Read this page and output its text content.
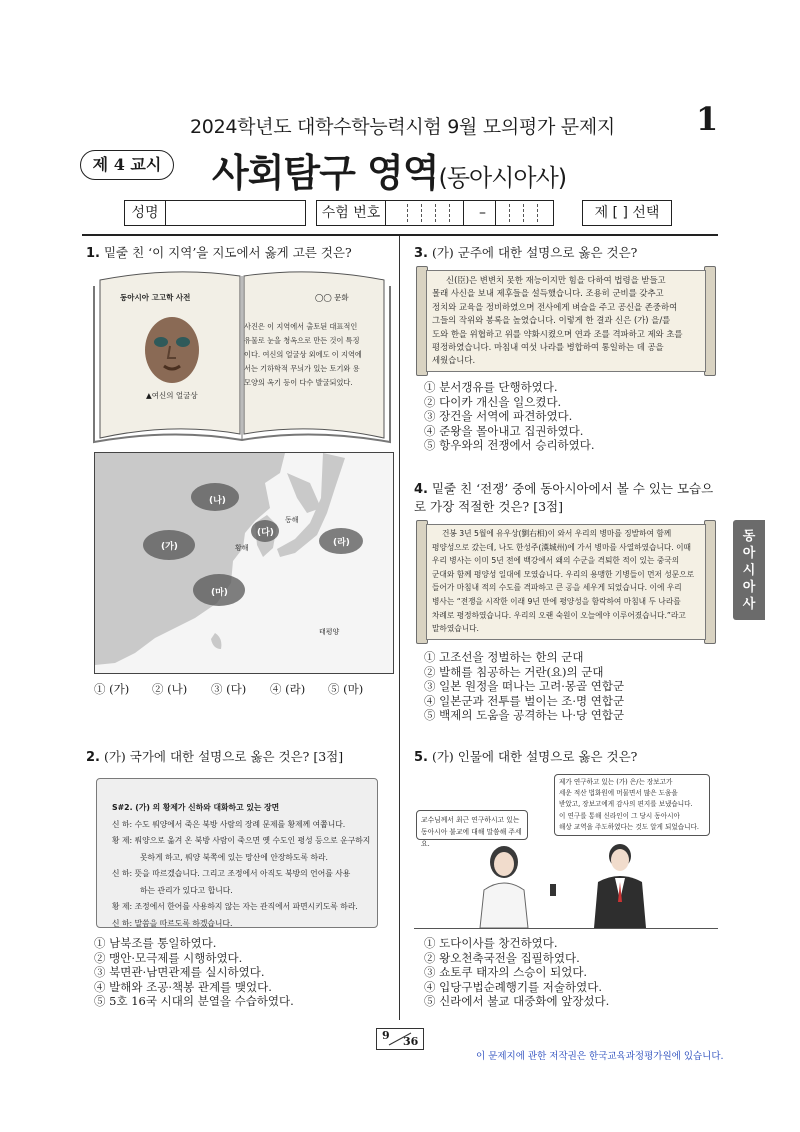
2024학년도 대학수학능력시험 9월 모의평가 문제지	1
제 4 교시	사회탐구 영역(동아시아사)
성명	수험 번호	–	제 [ ] 선택
1. 밑줄 친 ‘이 지역’을 지도에서 옳게 고른 것은?
동아시아 고고학 사전	◯◯ 문화
사진은 이 지역에서 출토된 대표적인 유물로 눈을 청옥으로 만든 것이 특징이다. 여신의 얼굴상 외에도 이 지역에서는 기하학적 무늬가 있는 토기와 용 모양의 옥기 등이 다수 발굴되었다.
▲여신의 얼굴상
(나)
(가)
(다)
(라)
(마)
황해
동해
태평양
① (가) ② (나) ③ (다) ④ (라) ⑤ (마)
2. (가) 국가에 대한 설명으로 옳은 것은? [3점]
S#2. (가) 의 황제가 신하와 대화하고 있는 장면
신 하: 수도 뤄양에서 죽은 북방 사람의 장례 문제를 황제께 여쭙니다.
황 제: 뤄양으로 옮겨 온 북방 사람이 죽으면 옛 수도인 평성 등으로 운구하지
못하게 하고, 뤄양 북쪽에 있는 망산에 안장하도록 하라.
신 하: 뜻을 따르겠습니다. 그리고 조정에서 아직도 북방의 언어를 사용
하는 관리가 있다고 합니다.
황 제: 조정에서 한어를 사용하지 않는 자는 관직에서 파면시키도록 하라.
신 하: 말씀을 따르도록 하겠습니다.
① 남북조를 통일하였다.
② 맹안·모극제를 시행하였다.
③ 북면관·남면관제를 실시하였다.
④ 발해와 조공·책봉 관계를 맺었다.
⑤ 5호 16국 시대의 분열을 수습하였다.
3. (가) 군주에 대한 설명으로 옳은 것은?
신(臣)은 변변치 못한 재능이지만 힘을 다하여 법령을 받들고
몰래 사신을 보내 제후들을 설득했습니다. 조용히 군비를 갖추고
정치와 교육을 정비하였으며 전사에게 벼슬을 주고 공신을 존중하여
그들의 작위와 봉록을 높였습니다. 이렇게 한 결과 신은 (가) 을/를
도와 한을 위협하고 위를 약화시켰으며 연과 조를 격파하고 제와 초를
평정하였습니다. 마침내 여섯 나라를 병합하여 통일하는 데 공을
세웠습니다.
① 분서갱유를 단행하였다.
② 다이카 개신을 일으켰다.
③ 장건을 서역에 파견하였다.
④ 준왕을 몰아내고 집권하였다.
⑤ 항우와의 전쟁에서 승리하였다.
4. 밑줄 친 ‘전쟁’ 중에 동아시아에서 볼 수 있는 모습으로 가장 적절한 것은? [3점]
건봉 3년 5월에 유우상(劉右相)이 와서 우리의 병마를 징발하여 함께
평양성으로 갔는데, 나도 한성주(漢城州)에 가서 병마를 사열하였습니다. 이때
우리 병사는 이미 5년 전에 백강에서 왜의 수군을 격퇴한 적이 있는 중국의
군대와 함께 평양성 일대에 모였습니다. 우리의 용맹한 기병들이 먼저 성문으로
들어가 마침내 적의 수도를 격파하고 큰 공을 세우게 되었습니다. 이에 우리
병사는 “전쟁을 시작한 이래 9년 만에 평양성을 함락하여 마침내 두 나라를
차례로 평정하였습니다. 우리의 오랜 숙원이 오늘에야 이루어졌습니다.”라고
말하였습니다.
① 고조선을 정벌하는 한의 군대
② 발해를 침공하는 거란(요)의 군대
③ 일본 원정을 떠나는 고려·몽골 연합군
④ 일본군과 전투를 벌이는 조·명 연합군
⑤ 백제의 도움을 공격하는 나·당 연합군
동
아
시
아
사
5. (가) 인물에 대한 설명으로 옳은 것은?
교수님께서 최근 연구하시고 있는
동아시아 불교에 대해 말씀해 주세요.
제가 연구하고 있는 (가) 은/는 장보고가
세운 적산 법화원에 머물면서 많은 도움을
받았고, 장보고에게 감사의 편지를 보냈습니다.
이 연구를 통해 신라인이 그 당시 동아시아
해상 교역을 주도하였다는 것도 알게 되었습니다.
① 도다이사를 창건하였다.
② 왕오천축국전을 집필하였다.
③ 쇼토쿠 태자의 스승이 되었다.
④ 입당구법순례행기를 저술하였다.
⑤ 신라에서 불교 대중화에 앞장섰다.
9 36
이 문제지에 관한 저작권은 한국교육과정평가원에 있습니다.
